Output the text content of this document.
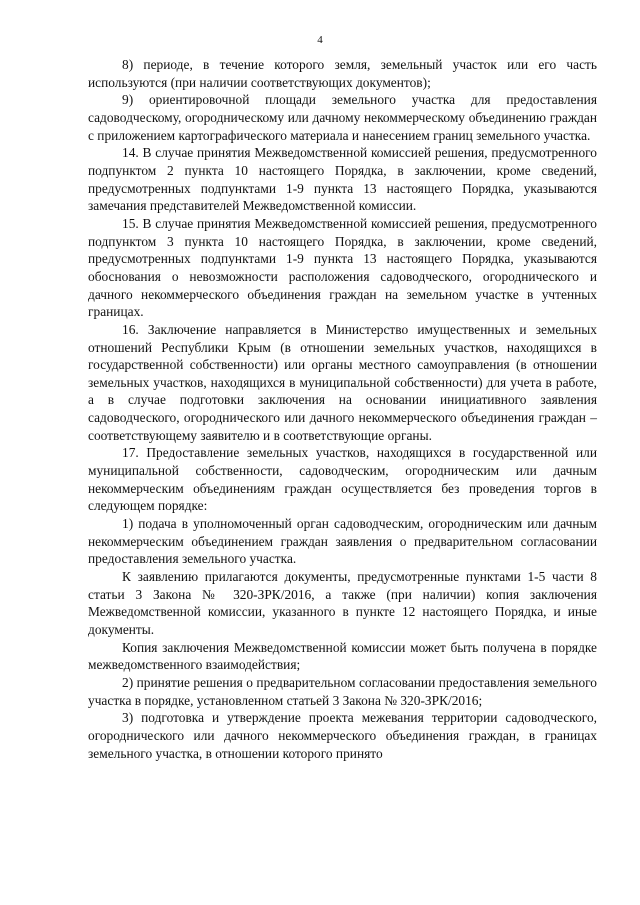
4

8) периоде, в течение которого земля, земельный участок или его часть используются (при наличии соответствующих документов);

9) ориентировочной площади земельного участка для предоставления садоводческому, огородническому или дачному некоммерческому объединению граждан с приложением картографического материала и нанесением границ земельного участка.

14. В случае принятия Межведомственной комиссией решения, предусмотренного подпунктом 2 пункта 10 настоящего Порядка, в заключении, кроме сведений, предусмотренных подпунктами 1-9 пункта 13 настоящего Порядка, указываются замечания представителей Межведомственной комиссии.

15. В случае принятия Межведомственной комиссией решения, предусмотренного подпунктом 3 пункта 10 настоящего Порядка, в заключении, кроме сведений, предусмотренных подпунктами 1-9 пункта 13 настоящего Порядка, указываются обоснования о невозможности расположения садоводческого, огороднического и дачного некоммерческого объединения граждан на земельном участке в учтенных границах.

16. Заключение направляется в Министерство имущественных и земельных отношений Республики Крым (в отношении земельных участков, находящихся в государственной собственности) или органы местного самоуправления (в отношении земельных участков, находящихся в муниципальной собственности) для учета в работе, а в случае подготовки заключения на основании инициативного заявления садоводческого, огороднического или дачного некоммерческого объединения граждан – соответствующему заявителю и в соответствующие органы.

17. Предоставление земельных участков, находящихся в государственной или муниципальной собственности, садоводческим, огородническим или дачным некоммерческим объединениям граждан осуществляется без проведения торгов в следующем порядке:

1) подача в уполномоченный орган садоводческим, огородническим или дачным некоммерческим объединением граждан заявления о предварительном согласовании предоставления земельного участка.

К заявлению прилагаются документы, предусмотренные пунктами 1-5 части 8 статьи 3 Закона № 320-ЗРК/2016, а также (при наличии) копия заключения Межведомственной комиссии, указанного в пункте 12 настоящего Порядка, и иные документы.

Копия заключения Межведомственной комиссии может быть получена в порядке межведомственного взаимодействия;

2) принятие решения о предварительном согласовании предоставления земельного участка в порядке, установленном статьей 3 Закона № 320-ЗРК/2016;

3) подготовка и утверждение проекта межевания территории садоводческого, огороднического или дачного некоммерческого объединения граждан, в границах земельного участка, в отношении которого принято
